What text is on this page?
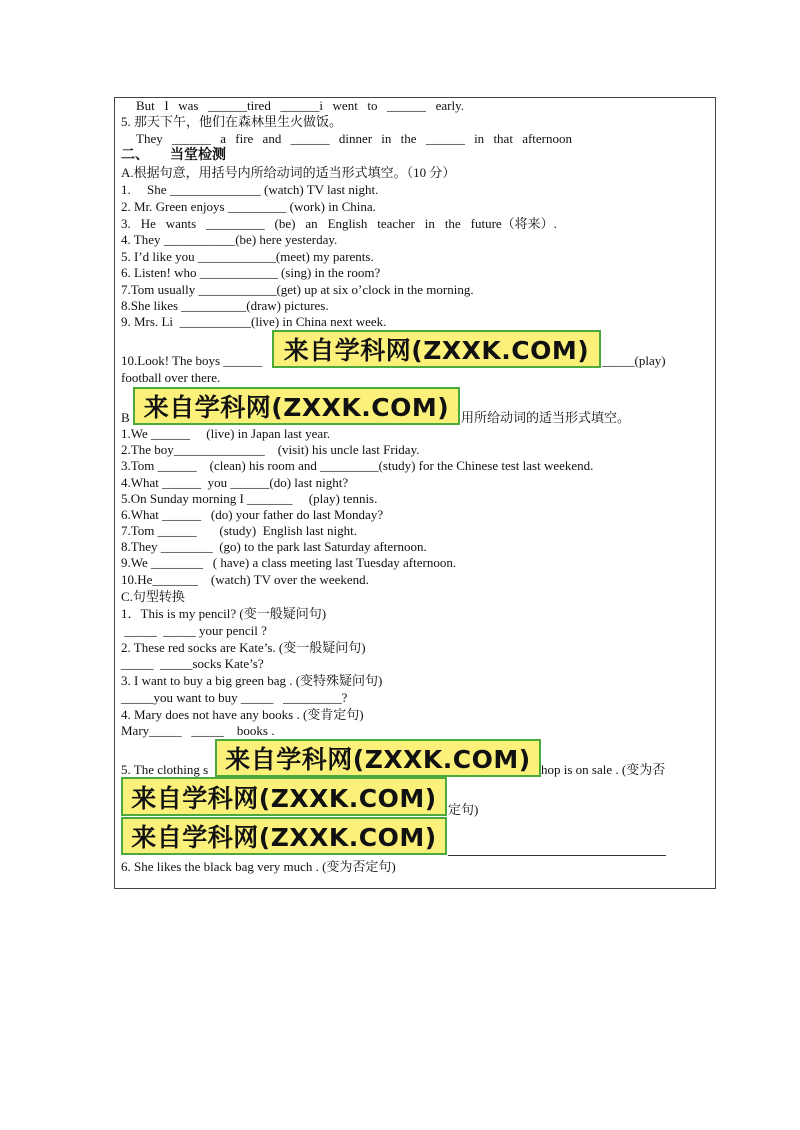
But I was ______tired ______i went to ______ early.
5. 那天下午，他们在森林里生火做饭。
They ______ a fire and ______ dinner in the ______ in that afternoon
二、      当堂检测
A.根据句意，用括号内所给动词的适当形式填空。（10 分）
1.     She ______________ (watch) TV last night.
2. Mr. Green enjoys _________ (work) in China.
3. He wants _________ (be) an English teacher in the future（将来）.
4. They ___________(be) here yesterday.
5. I’d like you ____________(meet) my parents.
6. Listen! who ____________ (sing) in the room?
7.Tom usually ____________(get) up at six o’clock in the morning.
8.She likes __________(draw) pictures.
9. Mrs. Li  ___________(live) in China next week.
10.Look! The boys ______	_____(play)
football over there.
B	用所给动词的适当形式填空。
1.We ______     (live) in Japan last year.
2.The boy______________    (visit) his uncle last Friday.
3.Tom ______    (clean) his room and _________(study) for the Chinese test last weekend.
4.What ______  you ______(do) last night?
5.On Sunday morning I _______     (play) tennis.
6.What ______   (do) your father do last Monday?
7.Tom ______       (study)  English last night.
8.They ________  (go) to the park last Saturday afternoon.
9.We ________   ( have) a class meeting last Tuesday afternoon.
10.He_______    (watch) TV over the weekend.
C.句型转换
1．This is my pencil? (变一般疑问句)
_____  _____ your pencil ?
2. These red socks are Kate’s. (变一般疑问句)
_____  _____socks Kate’s?
3. I want to buy a big green bag . (变特殊疑问句)
_____you want to buy _____   _________?
4. Mary does not have any books . (变肯定句)
Mary_____   _____    books .
5. The clothing s	hop is on sale . (变为否
定句)
6. She likes the black bag very much . (变为否定句)
来自学科网(ZXXK.COM)
来自学科网(ZXXK.COM)
来自学科网(ZXXK.COM)
来自学科网(ZXXK.COM)
来自学科网(ZXXK.COM)
